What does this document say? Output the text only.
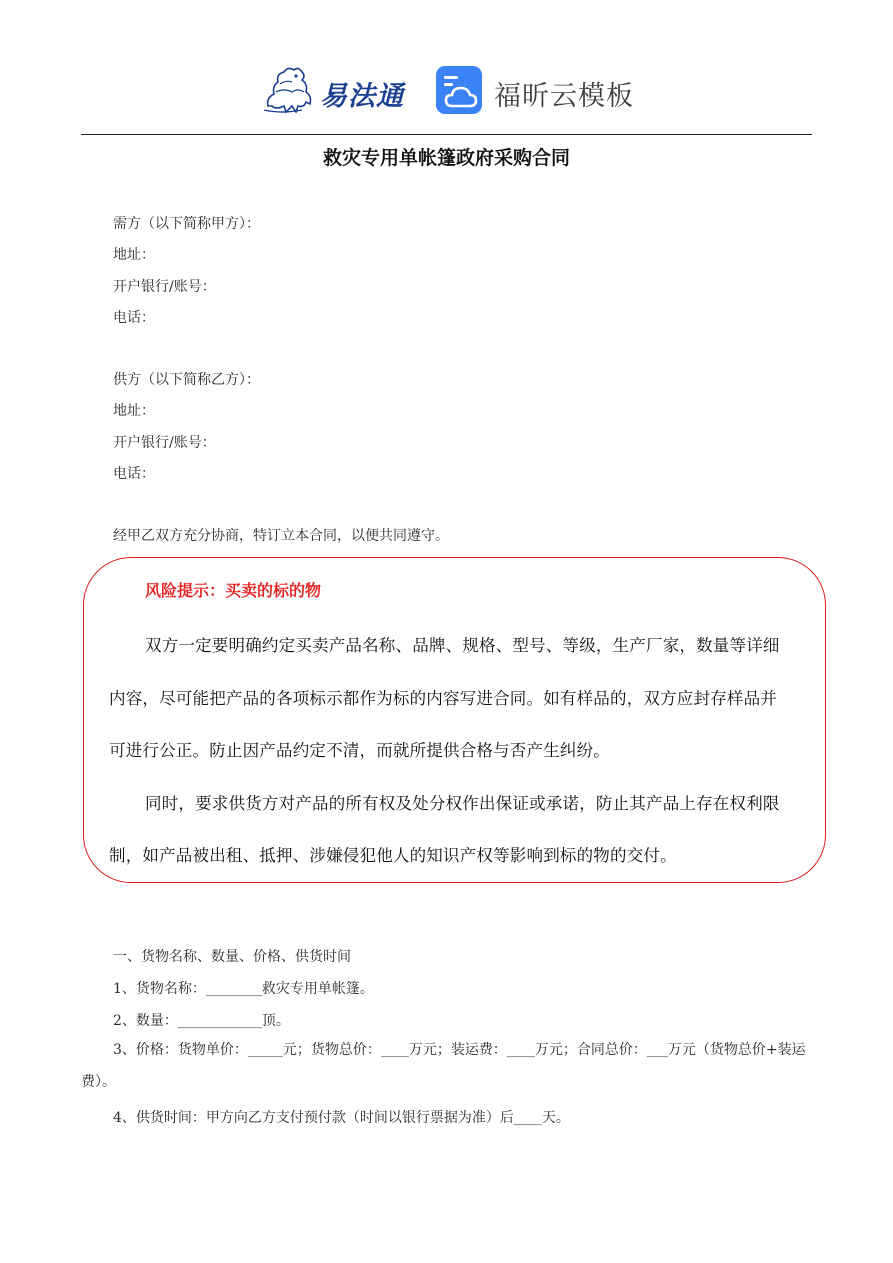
易法通	福昕云模板
救灾专用单帐篷政府采购合同
需方（以下简称甲方）：
地址：
开户银行/账号：
电话：
供方（以下简称乙方）：
地址：
开户银行/账号：
电话：
经甲乙双方充分协商，特订立本合同，以便共同遵守。
风险提示：买卖的标的物
双方一定要明确约定买卖产品名称、品牌、规格、型号、等级，生产厂家，数量等详细
内容，尽可能把产品的各项标示都作为标的内容写进合同。如有样品的，双方应封存样品并
可进行公正。防止因产品约定不清，而就所提供合格与否产生纠纷。
同时，要求供货方对产品的所有权及处分权作出保证或承诺，防止其产品上存在权利限
制，如产品被出租、抵押、涉嫌侵犯他人的知识产权等影响到标的物的交付。
一、货物名称、数量、价格、供货时间
1、货物名称：________救灾专用单帐篷。
2、数量：____________顶。
3、价格：货物单价：_____元；货物总价：____万元；装运费：____万元；合同总价：___万元（货物总价+装运费）。
4、供货时间：甲方向乙方支付预付款（时间以银行票据为准）后____天。
